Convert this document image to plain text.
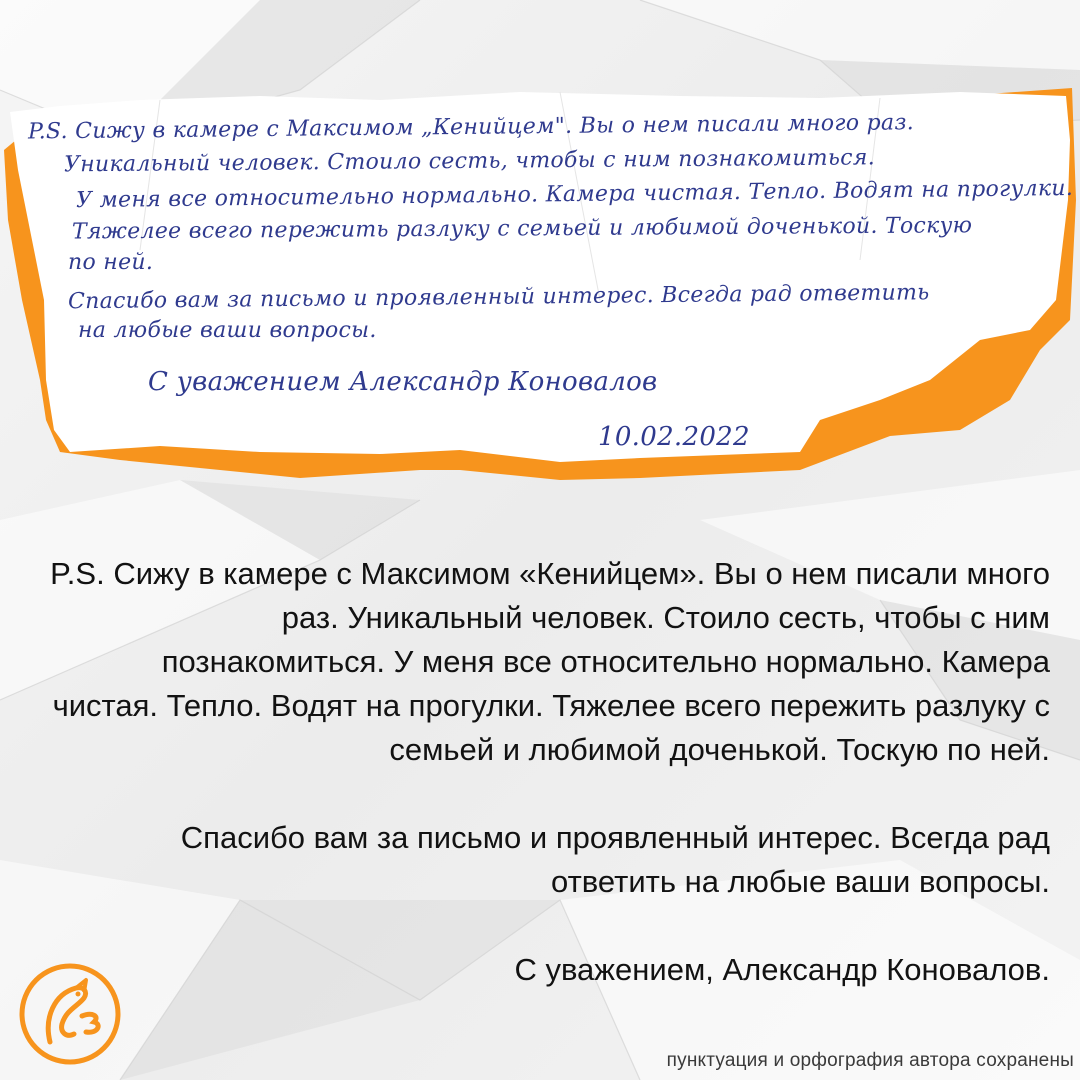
P.S. Сижу в камере с Максимом „Кенийцем". Вы о нем писали много раз.
Уникальный человек. Стоило сесть, чтобы с ним познакомиться.
У меня все относительно нормально. Камера чистая. Тепло. Водят на прогулки.
Тяжелее всего пережить разлуку с семьей и любимой доченькой. Тоскую
по ней.
Спасибо вам за письмо и проявленный интерес. Всегда рад ответить
на любые ваши вопросы.
С уважением Александр Коновалов
10.02.2022

P.S. Сижу в камере с Максимом «Кенийцем». Вы о нем писали много раз. Уникальный человек. Стоило сесть, чтобы с ним познакомиться. У меня все относительно нормально. Камера чистая. Тепло. Водят на прогулки. Тяжелее всего пережить разлуку с семьей и любимой доченькой. Тоскую по ней.

Спасибо вам за письмо и проявленный интерес. Всегда рад ответить на любые ваши вопросы.

С уважением, Александр Коновалов.

пунктуация и орфография автора сохранены
